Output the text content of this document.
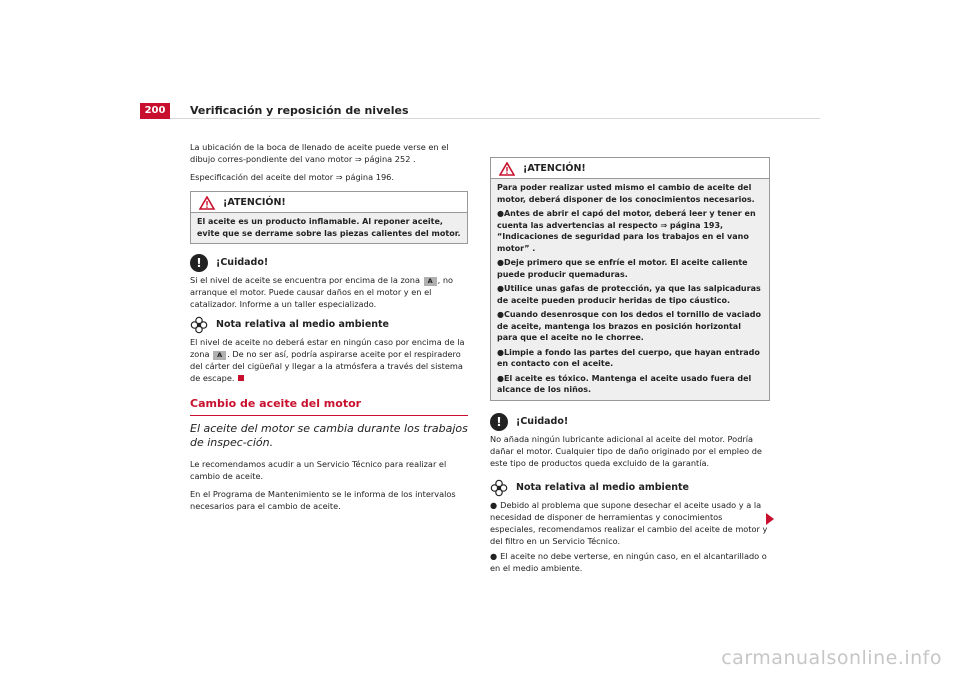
200	Verificación y reposición de niveles

La ubicación de la boca de llenado de aceite puede verse en el dibujo corres-pondiente del vano motor ⇒ página 252 .

Especificación del aceite del motor ⇒ página 196.

¡ATENCIÓN!
El aceite es un producto inflamable. Al reponer aceite, evite que se derrame sobre las piezas calientes del motor.
!	¡Cuidado!

Si el nivel de aceite se encuentra por encima de la zona A , no arranque el motor. Puede causar daños en el motor y en el catalizador. Informe a un taller especializado.

Nota relativa al medio ambiente

El nivel de aceite no deberá estar en ningún caso por encima de la zona A . De no ser así, podría aspirarse aceite por el respiradero del cárter del cigüeñal y llegar a la atmósfera a través del sistema de escape.

Cambio de aceite del motor
El aceite del motor se cambia durante los trabajos de inspec-ción.

Le recomendamos acudir a un Servicio Técnico para realizar el cambio de aceite.

En el Programa de Mantenimiento se le informa de los intervalos necesarios para el cambio de aceite.

¡ATENCIÓN!
Para poder realizar usted mismo el cambio de aceite del motor, deberá disponer de los conocimientos necesarios.
●Antes de abrir el capó del motor, deberá leer y tener en cuenta las advertencias al respecto ⇒ página 193, “Indicaciones de seguridad para los trabajos en el vano motor” .
●Deje primero que se enfríe el motor. El aceite caliente puede producir quemaduras.
●Utilice unas gafas de protección, ya que las salpicaduras de aceite pueden producir heridas de tipo cáustico.
●Cuando desenrosque con los dedos el tornillo de vaciado de aceite, mantenga los brazos en posición horizontal para que el aceite no le chorree.
●Limpie a fondo las partes del cuerpo, que hayan entrado en contacto con el aceite.
●El aceite es tóxico. Mantenga el aceite usado fuera del alcance de los niños.
!	¡Cuidado!

No añada ningún lubricante adicional al aceite del motor. Podría dañar el motor. Cualquier tipo de daño originado por el empleo de este tipo de productos queda excluido de la garantía.

Nota relativa al medio ambiente
● Debido al problema que supone desechar el aceite usado y a la necesidad de disponer de herramientas y conocimientos especiales, recomendamos realizar el cambio del aceite de motor y del filtro en un Servicio Técnico.
● El aceite no debe verterse, en ningún caso, en el alcantarillado o en el medio ambiente.
carmanualsonline.info
